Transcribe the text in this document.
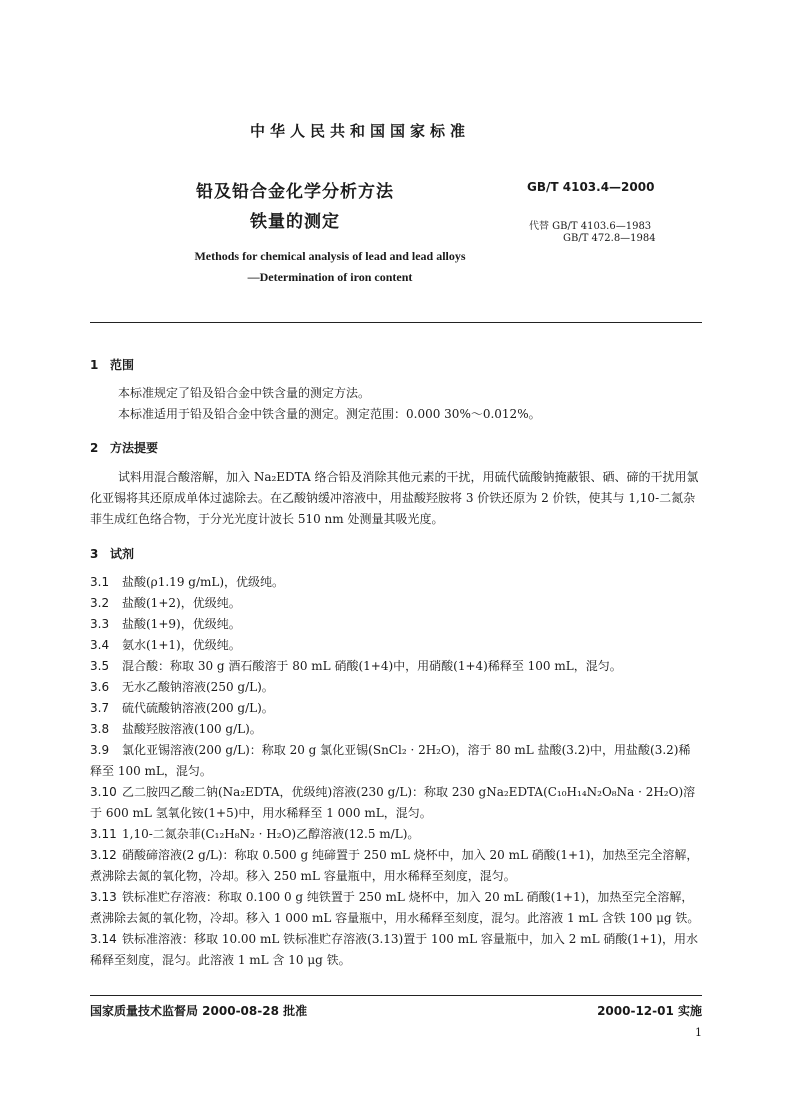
中华人民共和国国家标准
铅及铅合金化学分析方法
铁量的测定
GB/T 4103.4—2000
代替 GB/T 4103.6—1983
GB/T 472.8—1984
Methods for chemical analysis of lead and lead alloys
—Determination of iron content
1 范围

本标准规定了铅及铅合金中铁含量的测定方法。

本标准适用于铅及铅合金中铁含量的测定。测定范围：0.000 30%～0.012%。

2 方法提要

试料用混合酸溶解，加入 Na₂EDTA 络合铅及消除其他元素的干扰，用硫代硫酸钠掩蔽银、硒、碲的干扰用氯化亚锡将其还原成单体过滤除去。在乙酸钠缓冲溶液中，用盐酸羟胺将 3 价铁还原为 2 价铁，使其与 1,10-二氮杂菲生成红色络合物，于分光光度计波长 510 nm 处测量其吸光度。

3 试剂

3.1 盐酸(ρ1.19 g/mL)，优级纯。

3.2 盐酸(1+2)，优级纯。

3.3 盐酸(1+9)，优级纯。

3.4 氨水(1+1)，优级纯。

3.5 混合酸：称取 30 g 酒石酸溶于 80 mL 硝酸(1+4)中，用硝酸(1+4)稀释至 100 mL，混匀。

3.6 无水乙酸钠溶液(250 g/L)。

3.7 硫代硫酸钠溶液(200 g/L)。

3.8 盐酸羟胺溶液(100 g/L)。

3.9 氯化亚锡溶液(200 g/L)：称取 20 g 氯化亚锡(SnCl₂ · 2H₂O)，溶于 80 mL 盐酸(3.2)中，用盐酸(3.2)稀释至 100 mL，混匀。

3.10 乙二胺四乙酸二钠(Na₂EDTA，优级纯)溶液(230 g/L)：称取 230 gNa₂EDTA(C₁₀H₁₄N₂O₈Na · 2H₂O)溶于 600 mL 氢氧化铵(1+5)中，用水稀释至 1 000 mL，混匀。

3.11 1,10-二氮杂菲(C₁₂H₈N₂ · H₂O)乙醇溶液(12.5 m/L)。

3.12 硝酸碲溶液(2 g/L)：称取 0.500 g 纯碲置于 250 mL 烧杯中，加入 20 mL 硝酸(1+1)，加热至完全溶解，煮沸除去氮的氧化物，冷却。移入 250 mL 容量瓶中，用水稀释至刻度，混匀。

3.13 铁标准贮存溶液：称取 0.100 0 g 纯铁置于 250 mL 烧杯中，加入 20 mL 硝酸(1+1)，加热至完全溶解，煮沸除去氮的氧化物，冷却。移入 1 000 mL 容量瓶中，用水稀释至刻度，混匀。此溶液 1 mL 含铁 100 μg 铁。

3.14 铁标准溶液：移取 10.00 mL 铁标准贮存溶液(3.13)置于 100 mL 容量瓶中，加入 2 mL 硝酸(1+1)，用水稀释至刻度，混匀。此溶液 1 mL 含 10 μg 铁。

国家质量技术监督局 2000-08-28 批准	2000-12-01 实施
1
